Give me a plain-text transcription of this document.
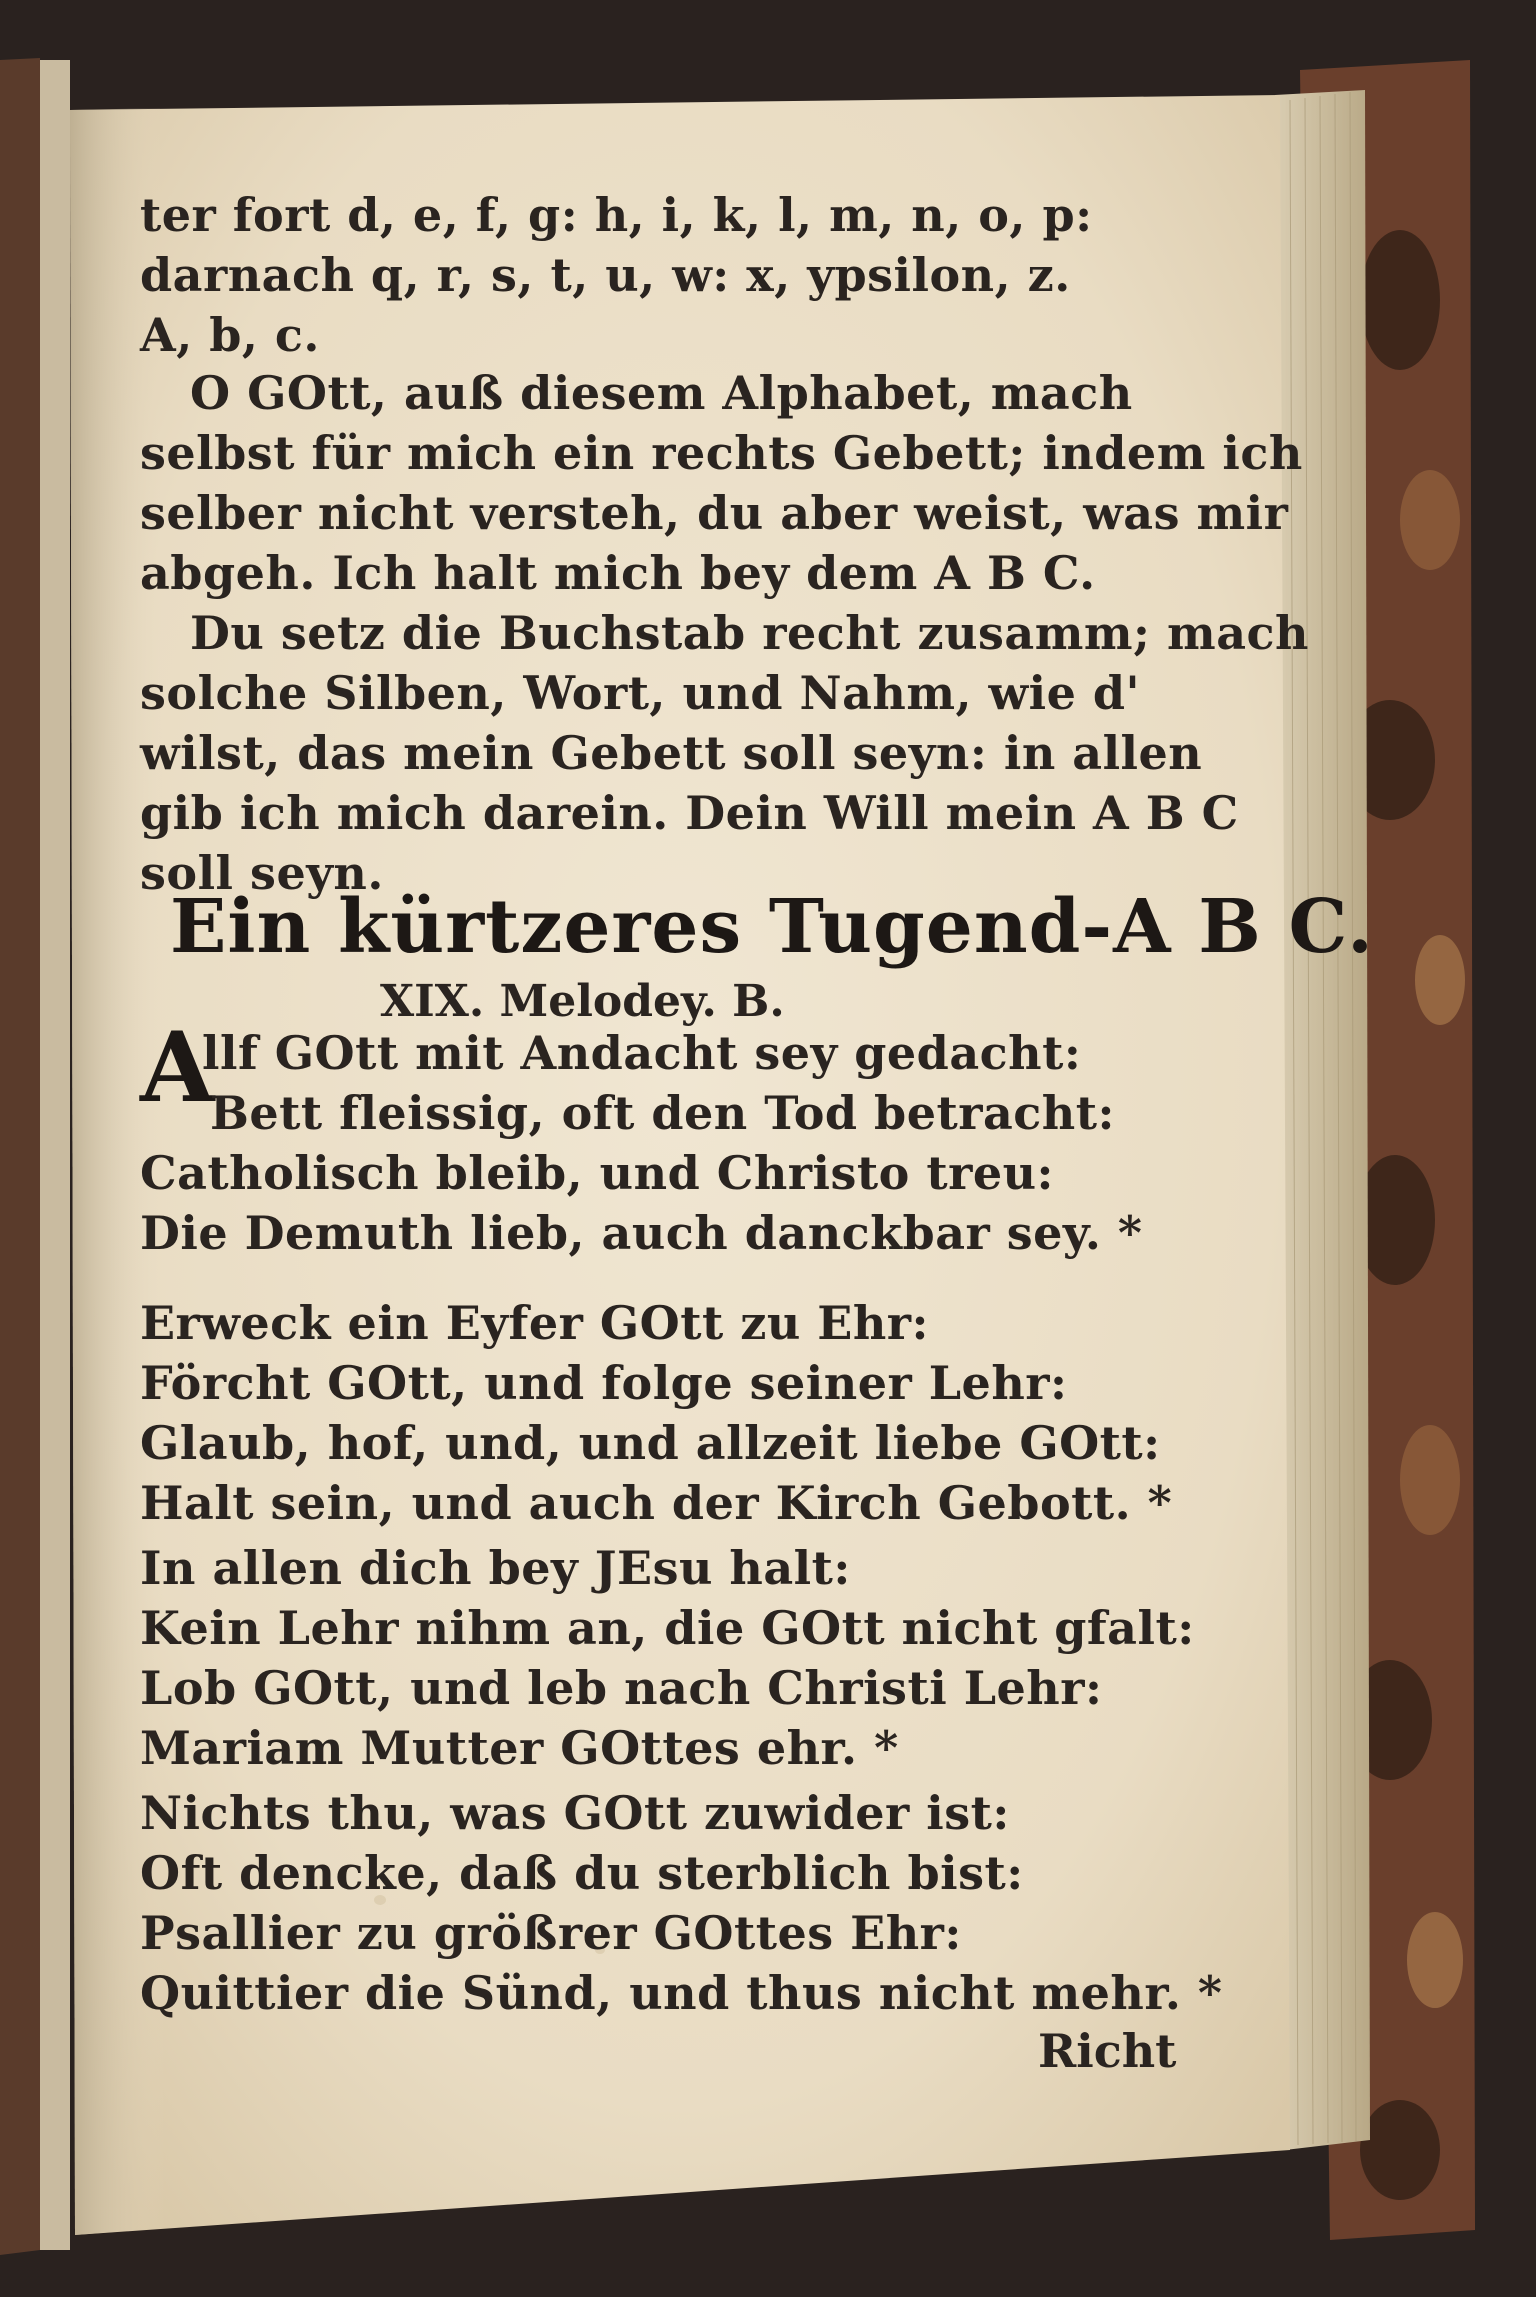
ter fort d, e, f, g: h, i, k, l, m, n, o, p:
darnach q, r, s, t, u, w: x, ypsilon, z.
A, b, c.
O GOtt, auß diesem Alphabet, mach
selbst für mich ein rechts Gebett; indem ich
selber nicht versteh, du aber weist, was mir
abgeh. Ich halt mich bey dem A B C.
Du setz die Buchstab recht zusamm; mach
solche Silben, Wort, und Nahm, wie d'
wilst, das mein Gebett soll seyn: in allen
gib ich mich darein. Dein Will mein A B C
soll seyn.
Ein kürtzeres Tugend-A B C.
XIX. Melodey. B.
A
llf GOtt mit Andacht sey gedacht:
Bett fleissig, oft den Tod betracht:
Catholisch bleib, und Christo treu:
Die Demuth lieb, auch danckbar sey. *
Erweck ein Eyfer GOtt zu Ehr:
Förcht GOtt, und folge seiner Lehr:
Glaub, hof, und, und allzeit liebe GOtt:
Halt sein, und auch der Kirch Gebott. *
In allen dich bey JEsu halt:
Kein Lehr nihm an, die GOtt nicht gfalt:
Lob GOtt, und leb nach Christi Lehr:
Mariam Mutter GOttes ehr. *
Nichts thu, was GOtt zuwider ist:
Oft dencke, daß du sterblich bist:
Psallier zu größrer GOttes Ehr:
Quittier die Sünd, und thus nicht mehr. *
Richt
